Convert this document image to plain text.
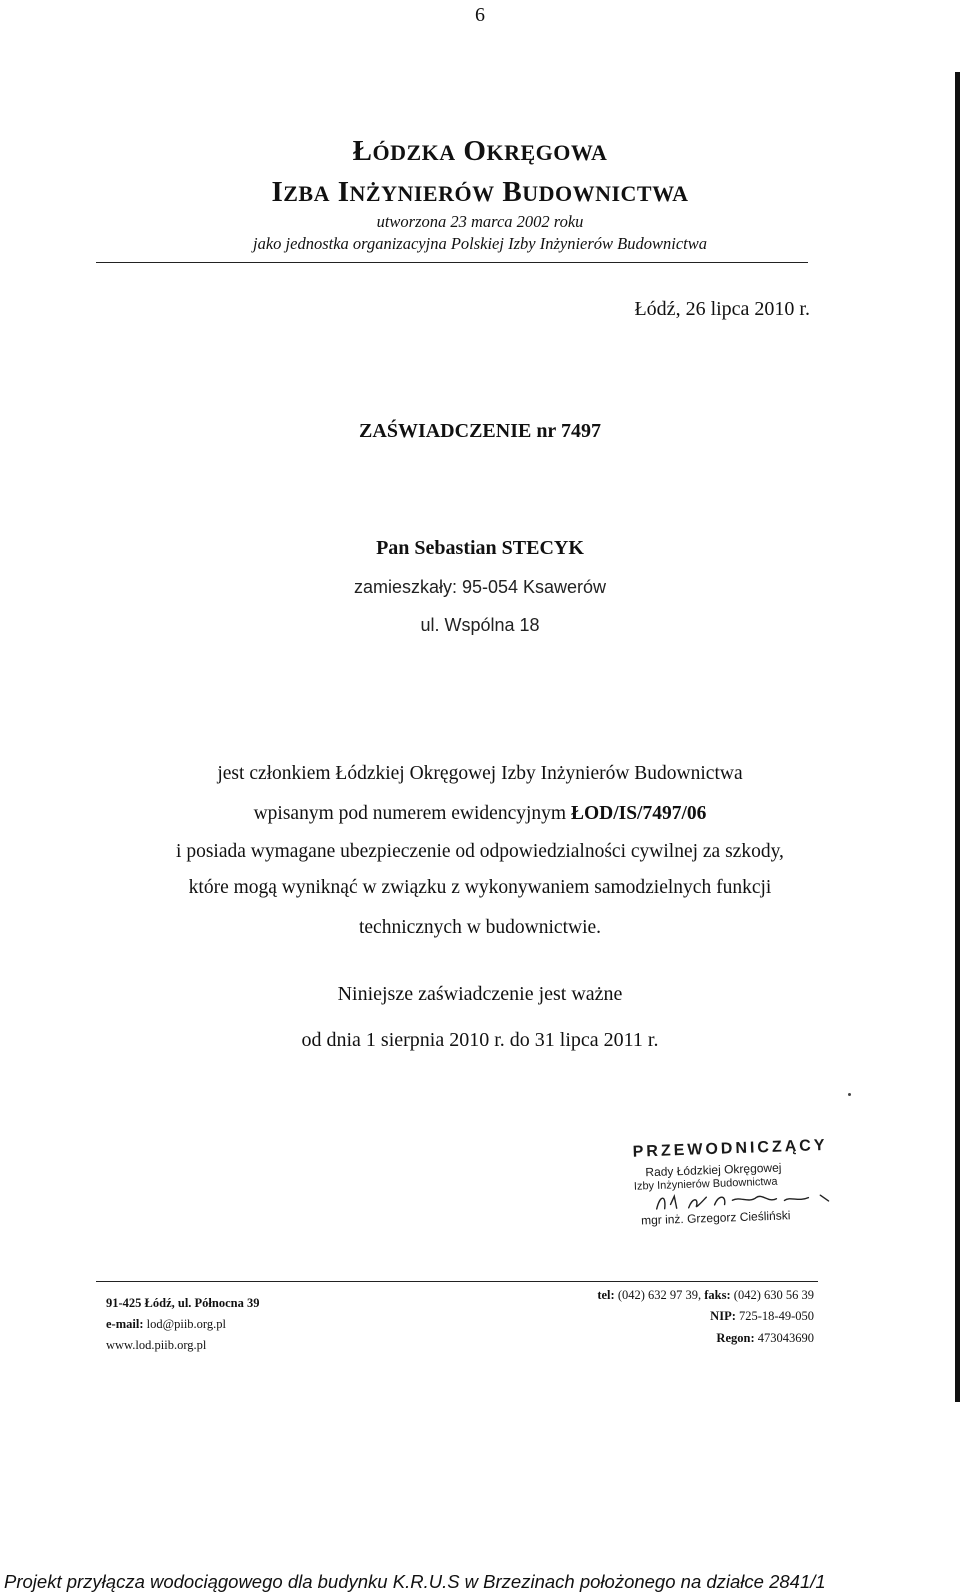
6
ŁÓDZKA OKRĘGOWA
IZBA INŻYNIERÓW BUDOWNICTWA
utworzona 23 marca 2002 roku
jako jednostka organizacyjna Polskiej Izby Inżynierów Budownictwa
Łódź, 26 lipca 2010 r.
ZAŚWIADCZENIE nr 7497
Pan Sebastian STECYK
zamieszkały: 95-054 Ksawerów
ul. Wspólna 18
jest członkiem Łódzkiej Okręgowej Izby Inżynierów Budownictwa
wpisanym pod numerem ewidencyjnym ŁOD/IS/7497/06
i posiada wymagane ubezpieczenie od odpowiedzialności cywilnej za szkody,
które mogą wyniknąć w związku z wykonywaniem samodzielnych funkcji
technicznych w budownictwie.
Niniejsze zaświadczenie jest ważne
od dnia 1 sierpnia 2010 r. do 31 lipca 2011 r.
PRZEWODNICZĄCY
Rady Łódzkiej Okręgowej
Izby Inżynierów Budownictwa
mgr inż. Grzegorz Cieśliński
91-425 Łódź, ul. Północna 39
e-mail: lod@piib.org.pl
www.lod.piib.org.pl
tel: (042) 632 97 39, faks: (042) 630 56 39
NIP: 725-18-49-050
Regon: 473043690
Projekt przyłącza wodociągowego dla budynku K.R.U.S w Brzezinach położonego na działce 2841/1
